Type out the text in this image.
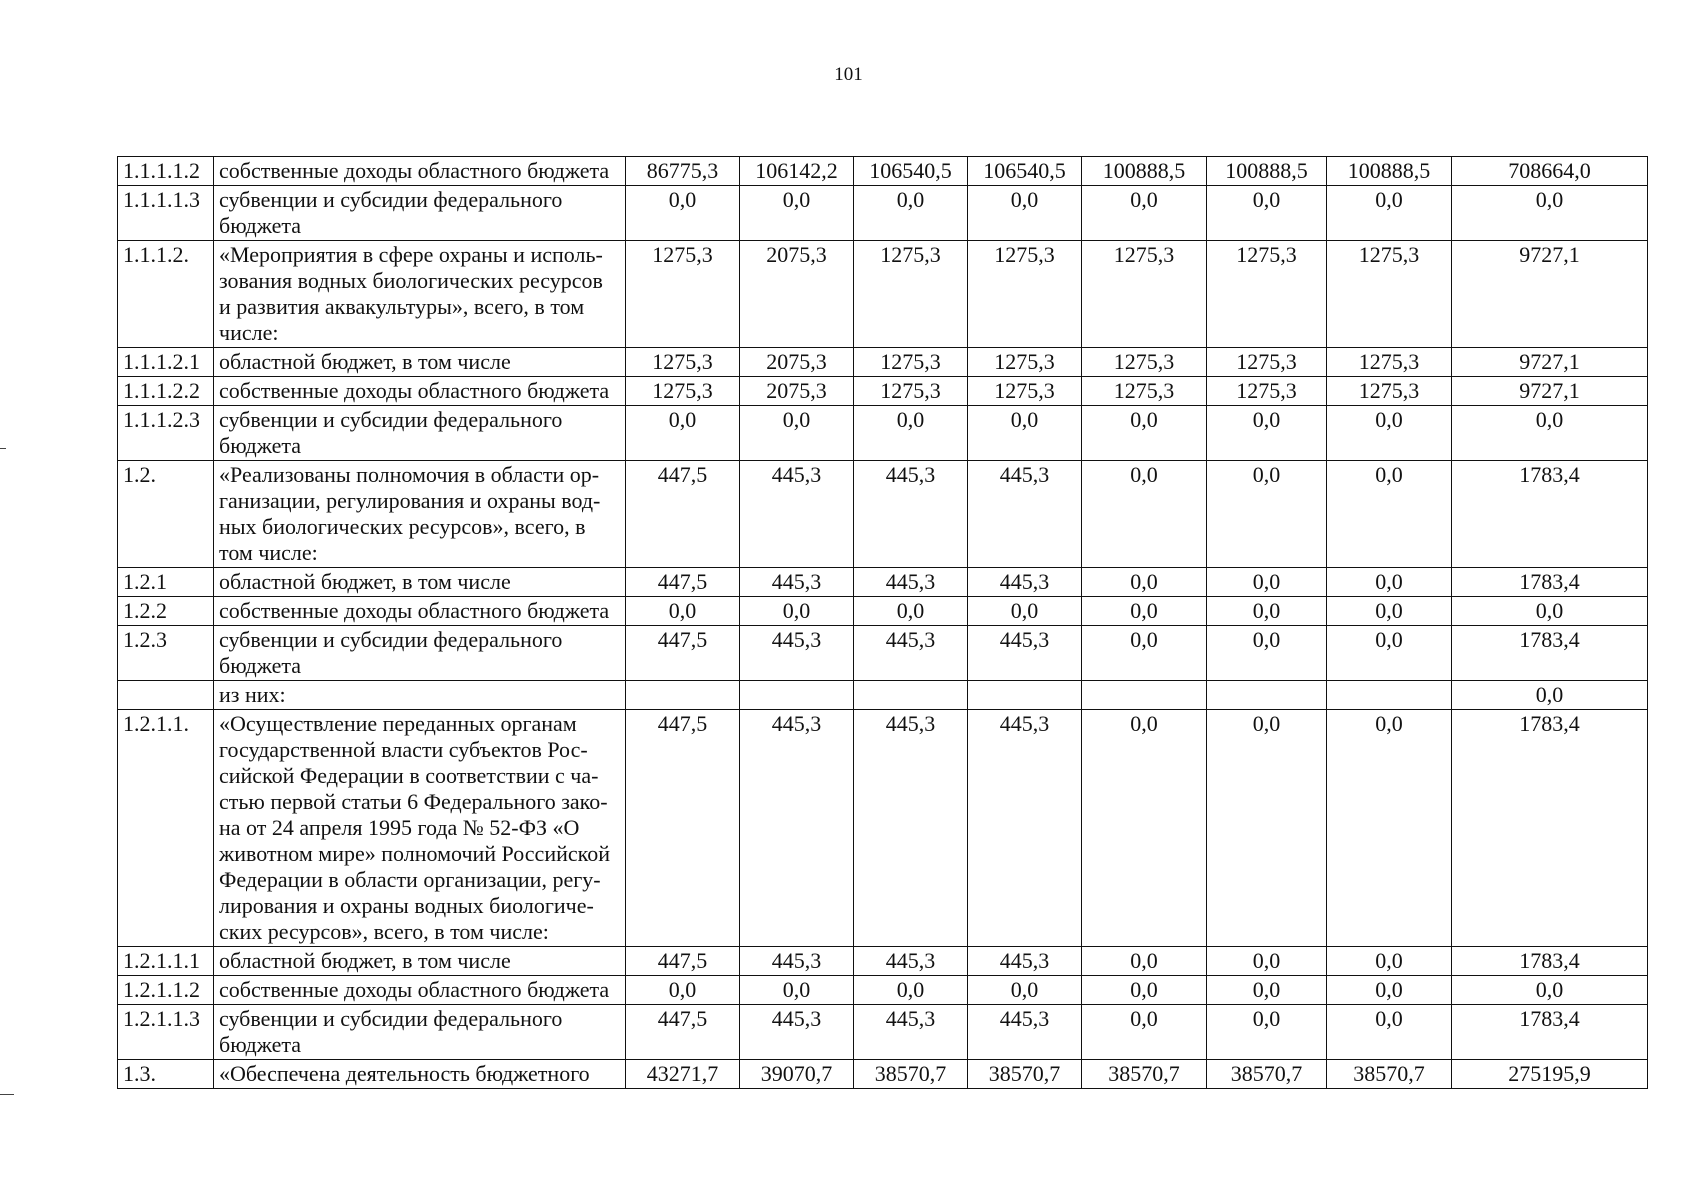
101
1.1.1.1.2	собственные доходы областного бюджета	86775,3	106142,2	106540,5	106540,5	100888,5	100888,5	100888,5	708664,0
1.1.1.1.3	субвенции и субсидии федерального бюджета	0,0	0,0	0,0	0,0	0,0	0,0	0,0	0,0
1.1.1.2.	«Мероприятия в сфере охраны и исполь-зования водных биологических ресурсов и развития аквакультуры», всего, в том числе:	1275,3	2075,3	1275,3	1275,3	1275,3	1275,3	1275,3	9727,1
1.1.1.2.1	областной бюджет, в том числе	1275,3	2075,3	1275,3	1275,3	1275,3	1275,3	1275,3	9727,1
1.1.1.2.2	собственные доходы областного бюджета	1275,3	2075,3	1275,3	1275,3	1275,3	1275,3	1275,3	9727,1
1.1.1.2.3	субвенции и субсидии федерального бюджета	0,0	0,0	0,0	0,0	0,0	0,0	0,0	0,0
1.2.	«Реализованы полномочия в области ор-ганизации, регулирования и охраны вод-ных биологических ресурсов», всего, в том числе:	447,5	445,3	445,3	445,3	0,0	0,0	0,0	1783,4
1.2.1	областной бюджет, в том числе	447,5	445,3	445,3	445,3	0,0	0,0	0,0	1783,4
1.2.2	собственные доходы областного бюджета	0,0	0,0	0,0	0,0	0,0	0,0	0,0	0,0
1.2.3	субвенции и субсидии федерального бюджета	447,5	445,3	445,3	445,3	0,0	0,0	0,0	1783,4
	из них:								0,0
1.2.1.1.	«Осуществление переданных органам государственной власти субъектов Рос-сийской Федерации в соответствии с ча-стью первой статьи 6 Федерального зако-на от 24 апреля 1995 года № 52-ФЗ «О животном мире» полномочий Российской Федерации в области организации, регу-лирования и охраны водных биологиче-ских ресурсов», всего, в том числе:	447,5	445,3	445,3	445,3	0,0	0,0	0,0	1783,4
1.2.1.1.1	областной бюджет, в том числе	447,5	445,3	445,3	445,3	0,0	0,0	0,0	1783,4
1.2.1.1.2	собственные доходы областного бюджета	0,0	0,0	0,0	0,0	0,0	0,0	0,0	0,0
1.2.1.1.3	субвенции и субсидии федерального бюджета	447,5	445,3	445,3	445,3	0,0	0,0	0,0	1783,4
1.3.	«Обеспечена деятельность бюджетного	43271,7	39070,7	38570,7	38570,7	38570,7	38570,7	38570,7	275195,9
